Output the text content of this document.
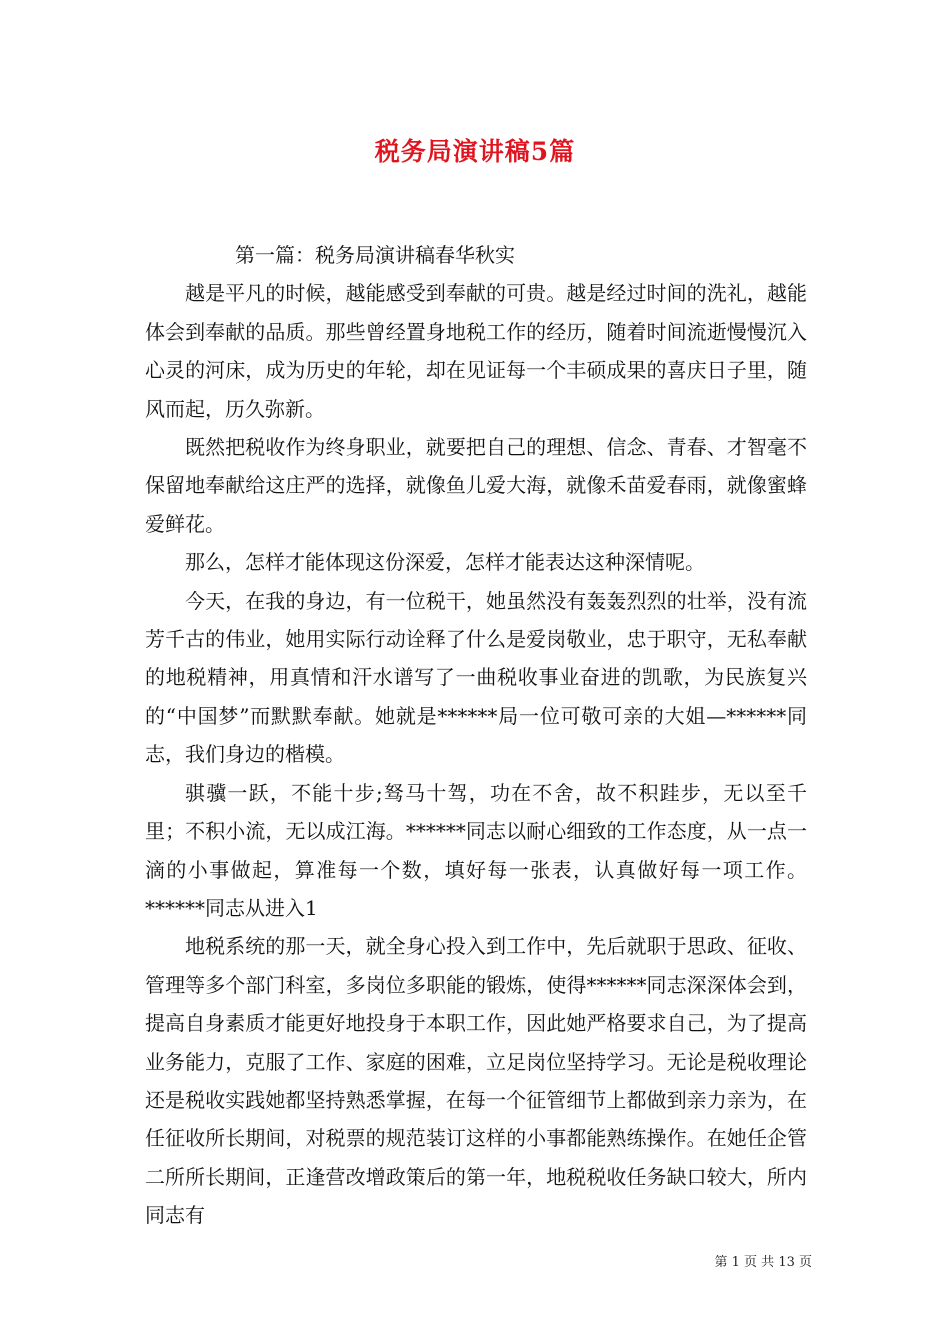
税务局演讲稿5篇

第一篇：税务局演讲稿春华秋实

越是平凡的时候，越能感受到奉献的可贵。越是经过时间的洗礼，越能体会到奉献的品质。那些曾经置身地税工作的经历，随着时间流逝慢慢沉入心灵的河床，成为历史的年轮，却在见证每一个丰硕成果的喜庆日子里，随风而起，历久弥新。

既然把税收作为终身职业，就要把自己的理想、信念、青春、才智毫不保留地奉献给这庄严的选择，就像鱼儿爱大海，就像禾苗爱春雨，就像蜜蜂爱鲜花。

那么，怎样才能体现这份深爱，怎样才能表达这种深情呢。

今天，在我的身边，有一位税干，她虽然没有轰轰烈烈的壮举，没有流芳千古的伟业，她用实际行动诠释了什么是爱岗敬业，忠于职守，无私奉献的地税精神，用真情和汗水谱写了一曲税收事业奋进的凯歌，为民族复兴的“中国梦”而默默奉献。她就是******局一位可敬可亲的大姐—******同志，我们身边的楷模。

骐骥一跃，不能十步;驽马十驾，功在不舍，故不积跬步，无以至千里；不积小流，无以成江海。******同志以耐心细致的工作态度，从一点一滴的小事做起，算准每一个数，填好每一张表，认真做好每一项工作。******同志从进入1

地税系统的那一天，就全身心投入到工作中，先后就职于思政、征收、管理等多个部门科室，多岗位多职能的锻炼，使得******同志深深体会到，提高自身素质才能更好地投身于本职工作，因此她严格要求自己，为了提高业务能力，克服了工作、家庭的困难，立足岗位坚持学习。无论是税收理论还是税收实践她都坚持熟悉掌握，在每一个征管细节上都做到亲力亲为，在任征收所长期间，对税票的规范装订这样的小事都能熟练操作。在她任企管二所所长期间，正逢营改增政策后的第一年，地税税收任务缺口较大，所内同志有

第 1 页 共 13 页
